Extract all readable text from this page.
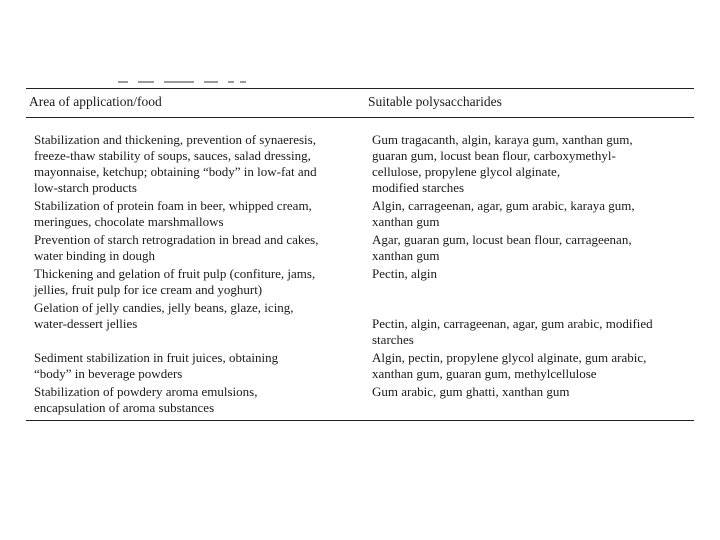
Area of application/food	Suitable polysaccharides
Stabilization and thickening, prevention of synaeresis,
freeze-thaw stability of soups, sauces, salad dressing,
mayonnaise, ketchup; obtaining “body” in low-fat and
low-starch products
Gum tragacanth, algin, karaya gum, xanthan gum,
guaran gum, locust bean flour, carboxymethyl-
cellulose, propylene glycol alginate,
modified starches
Stabilization of protein foam in beer, whipped cream,
meringues, chocolate marshmallows
Algin, carrageenan, agar, gum arabic, karaya gum,
xanthan gum
Prevention of starch retrogradation in bread and cakes,
water binding in dough
Agar, guaran gum, locust bean flour, carrageenan,
xanthan gum
Thickening and gelation of fruit pulp (confiture, jams,
jellies, fruit pulp for ice cream and yoghurt)
Pectin, algin
Gelation of jelly candies, jelly beans, glaze, icing,
water-dessert jellies	Pectin, algin, carrageenan, agar, gum arabic, modified
starches
Sediment stabilization in fruit juices, obtaining
“body” in beverage powders
Algin, pectin, propylene glycol alginate, gum arabic,
xanthan gum, guaran gum, methylcellulose
Stabilization of powdery aroma emulsions,
encapsulation of aroma substances
Gum arabic, gum ghatti, xanthan gum
